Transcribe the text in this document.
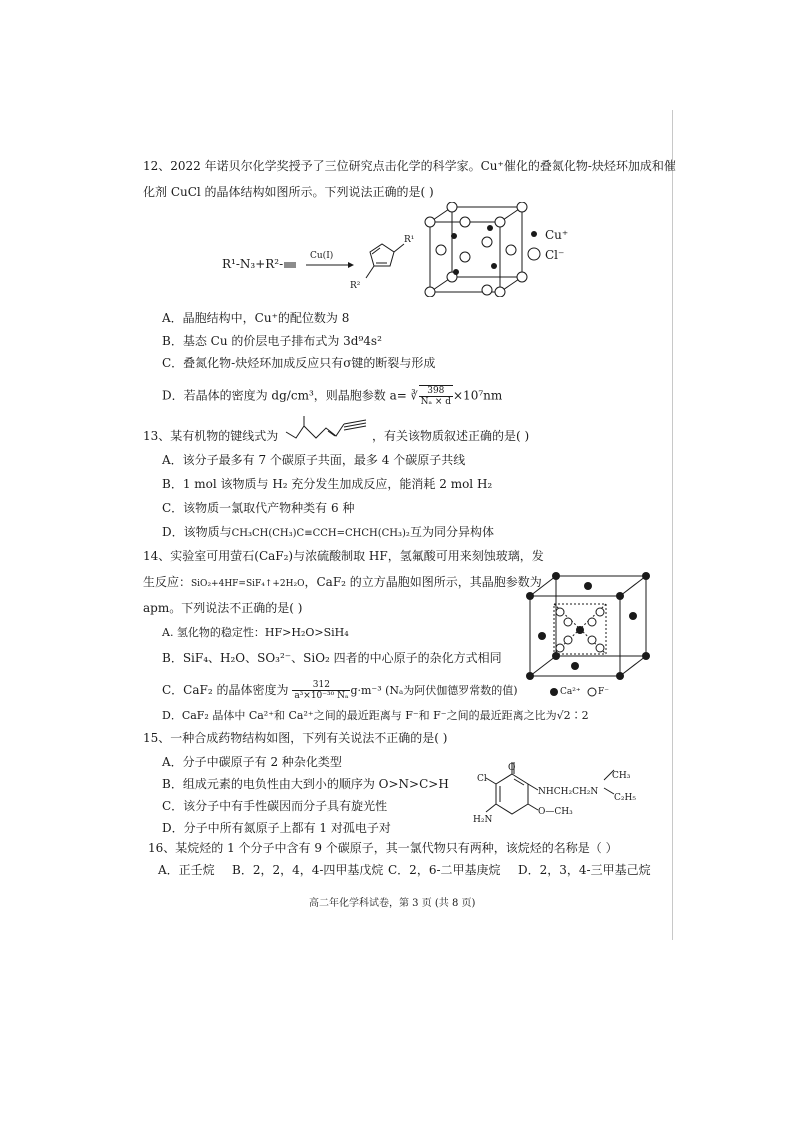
12、2022 年诺贝尔化学奖授予了三位研究点击化学的科学家。Cu⁺催化的叠氮化物-炔烃环加成和催
化剂 CuCl 的晶体结构如图所示。下列说法正确的是( )
R¹-N₃+R²-
Cu(I)
R¹
R²
Cu⁺
Cl⁻
A．晶胞结构中，Cu⁺的配位数为 8
B．基态 Cu 的价层电子排布式为 3d⁹4s²
C．叠氮化物-炔烃环加成反应只有σ键的断裂与形成
D．若晶体的密度为 dg/cm³，则晶胞参数 a= ∛ $\frac{398}{\text{Nₐ × d}} \times 10^7nm$
13、某有机物的键线式为	，有关该物质叙述正确的是( )
A．该分子最多有 7 个碳原子共面，最多 4 个碳原子共线
B．1 mol 该物质与 H₂ 充分发生加成反应，能消耗 2 mol H₂
C．该物质一氯取代产物种类有 6 种
D．该物质与CH₃CH(CH₃)C≡CCH=CHCH(CH₃)₂互为同分异构体
14、实验室可用萤石(CaF₂)与浓硫酸制取 HF，氢氟酸可用来刻蚀玻璃，发
生反应：SiO₂+4HF=SiF₄↑+2H₂O，CaF₂ 的立方晶胞如图所示，其晶胞参数为
apm。下列说法不正确的是( )
Ca²⁺ F⁻
A. 氢化物的稳定性：HF>H₂O>SiH₄
B．SiF₄、H₂O、SO₃²⁻、SiO₂ 四者的中心原子的杂化方式相同
C．CaF₂ 的晶体密度为 $\frac{312}{\text{a³×10⁻³⁰ Nₐ}} g\cdot m^{-3}$ (Nₐ为阿伏伽德罗常数的值)
D．CaF₂ 晶体中 Ca²⁺和 Ca²⁺之间的最近距离与 F⁻和 F⁻之间的最近距离之比为√2∶2
15、一种合成药物结构如图，下列有关说法不正确的是( )
A．分子中碳原子有 2 种杂化类型
B．组成元素的电负性由大到小的顺序为 O>N>C>H
C．该分子中有手性碳因而分子具有旋光性
D．分子中所有氮原子上都有 1 对孤电子对
Cl
H₂N
O
NHCH₂CH₂N
CH₃
C₂H₅
O—CH₃
16、某烷烃的 1 个分子中含有 9 个碳原子，其一氯代物只有两种，该烷烃的名称是（ ）
A．正壬烷 B．2，2，4，4-四甲基戊烷 C．2，6-二甲基庚烷 D．2，3，4-三甲基己烷
高二年化学科试卷，第 3 页 (共 8 页)
